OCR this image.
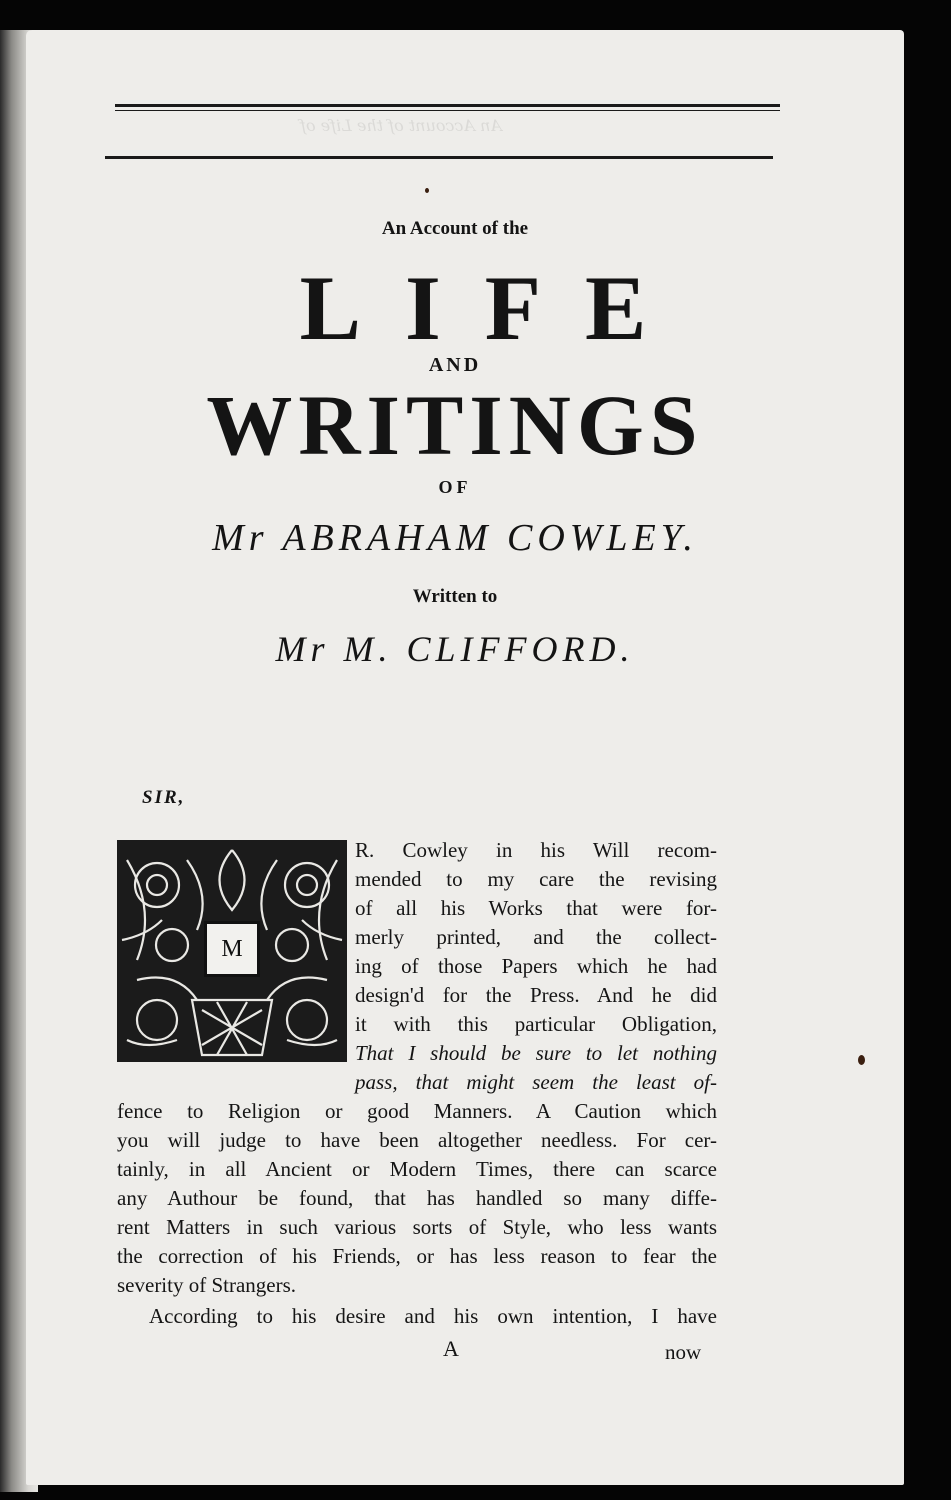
An Account of the Life of
An Account of the
LIFE
AND
WRITINGS
OF
Mr ABRAHAM COWLEY.
Written to
Mr M. CLIFFORD.
SIR,
M

R. Cowley in his Will recom-

mended to my care the revising

of all his Works that were for-

merly printed, and the collect-

ing of those Papers which he had

design'd for the Press. And he did

it with this particular Obligation,

That I should be sure to let nothing

pass, that might seem the least of-

fence to Religion or good Manners. A Caution which

you will judge to have been altogether needless. For cer-

tainly, in all Ancient or Modern Times, there can scarce

any Authour be found, that has handled so many diffe-

rent Matters in such various sorts of Style, who less wants

the correction of his Friends, or has less reason to fear the

severity of Strangers.

According to his desire and his own intention, I have
A	now
